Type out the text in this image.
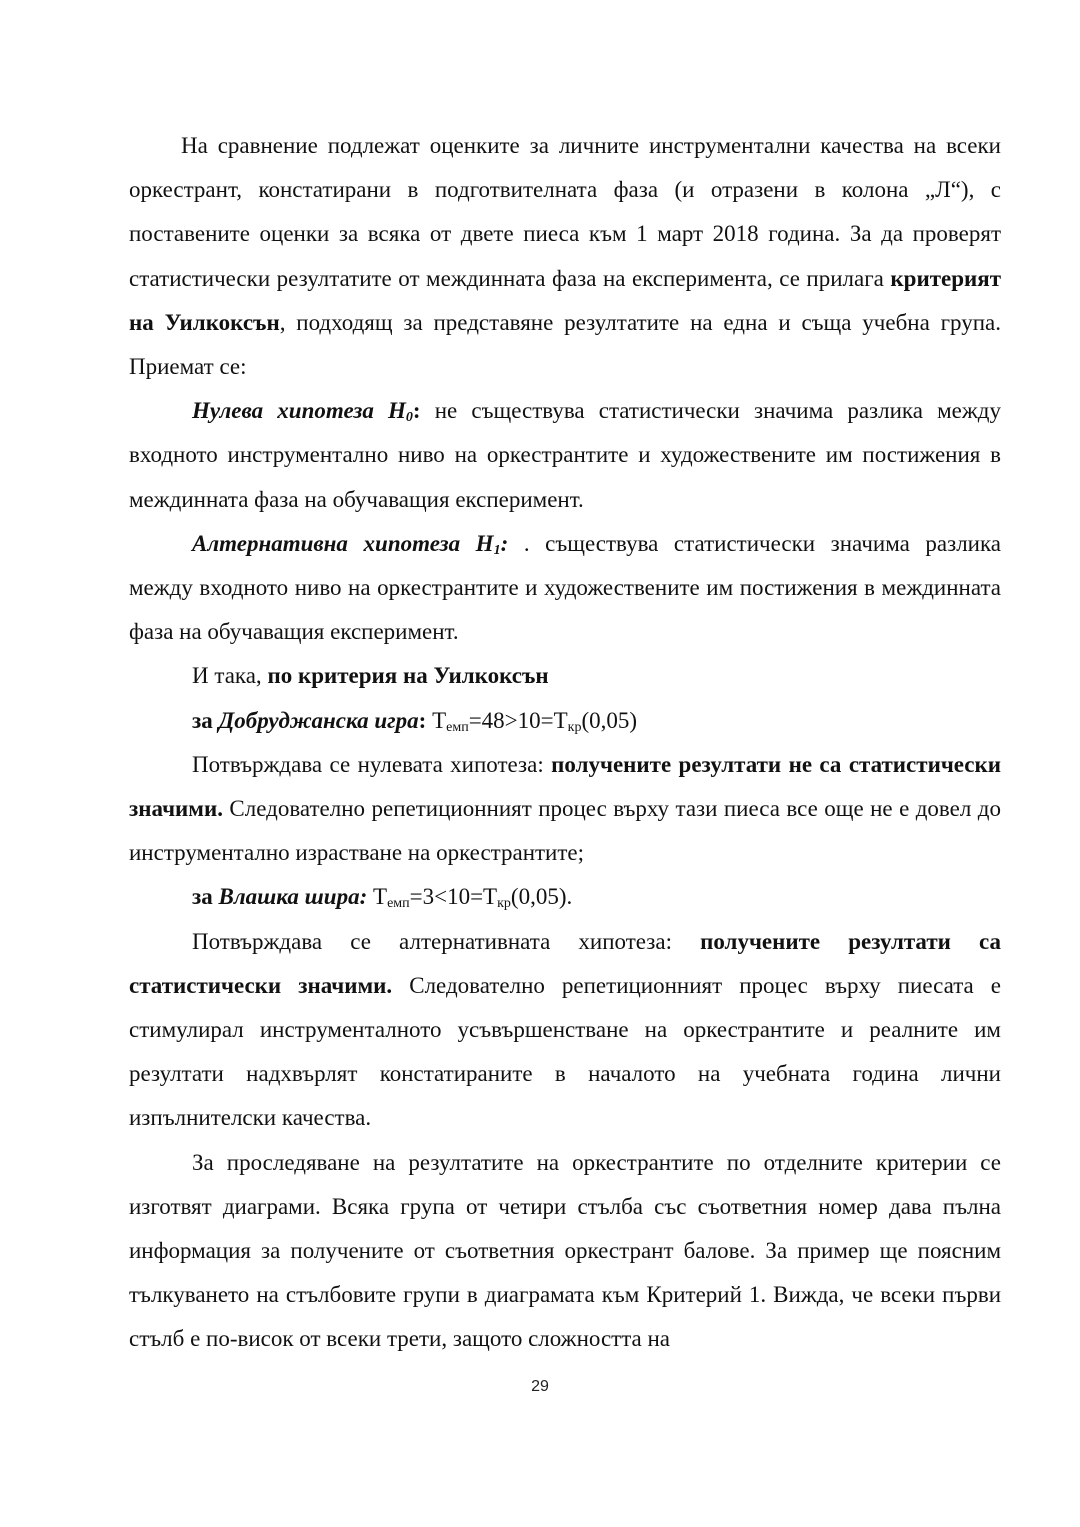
На сравнение подлежат оценките за личните инструментални качества на всеки оркестрант, констатирани в подготвителната фаза (и отразени в колона „Л“), с поставените оценки за всяка от двете пиеса към 1 март 2018 година. За да проверят статистически резултатите от междинната фаза на експеримента, се прилага критерият на Уилкоксън, подходящ за представяне резултатите на една и съща учебна група. Приемат се:

Нулева хипотеза $H_0$: не съществува статистически значима разлика между входното инструментално ниво на оркестрантите и художествените им постижения в междинната фаза на обучаващия експеримент.

Алтернативна хипотеза $H_1$: . съществува статистически значима разлика между входното ниво на оркестрантите и художествените им постижения в междинната фаза на обучаващия експеримент.

И така, по критерия на Уилкоксън

за Добруджанска игра: $T_{емп}=48>10=T_{кр}(0,05)$

Потвърждава се нулевата хипотеза: получените резултати не са статистически значими. Следователно репетиционният процес върху тази пиеса все още не е довел до инструментално израстване на оркестрантите;

за Влашка шира: $T_{емп}=3<10=T_{кр}(0,05)$.

Потвърждава се алтернативната хипотеза: получените резултати са статистически значими. Следователно репетиционният процес върху пиесата е стимулирал инструменталното усъвършенстване на оркестрантите и реалните им резултати надхвърлят констатираните в началото на учебната година лични изпълнителски качества.

За проследяване на резултатите на оркестрантите по отделните критерии се изготвят диаграми. Всяка група от четири стълба със съответния номер дава пълна информация за получените от съответния оркестрант балове. За пример ще поясним тълкуването на стълбовите групи в диаграмата към Критерий 1. Вижда, че всеки първи стълб е по-висок от всеки трети, защото сложността на

29
